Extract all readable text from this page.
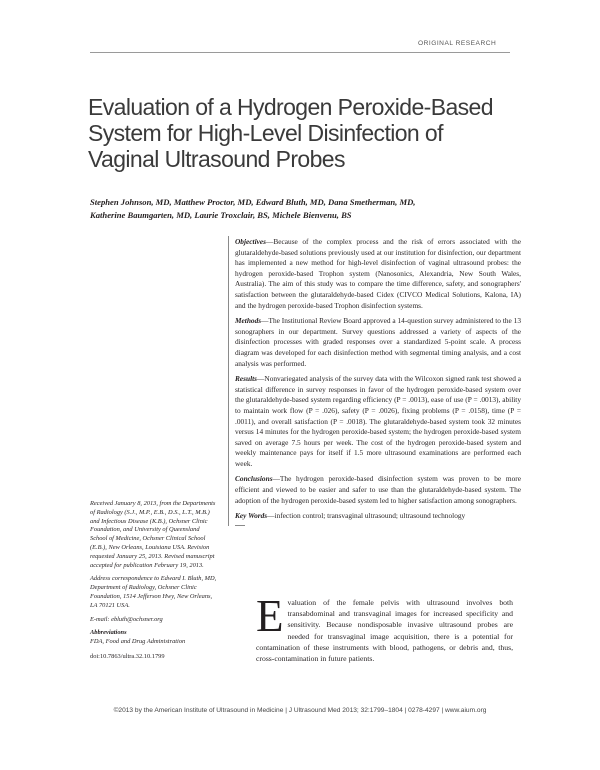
ORIGINAL RESEARCH
Evaluation of a Hydrogen Peroxide-Based
System for High-Level Disinfection of
Vaginal Ultrasound Probes
Stephen Johnson, MD, Matthew Proctor, MD, Edward Bluth, MD, Dana Smetherman, MD,
Katherine Baumgarten, MD, Laurie Troxclair, BS, Michele Bienvenu, BS

Objectives—Because of the complex process and the risk of errors associated with the glutaraldehyde-based solutions previously used at our institution for disinfection, our department has implemented a new method for high-level disinfection of vaginal ultrasound probes: the hydrogen peroxide-based Trophon system (Nanosonics, Alexandria, New South Wales, Australia). The aim of this study was to compare the time difference, safety, and sonographers' satisfaction between the glutaraldehyde-based Cidex (CIVCO Medical Solutions, Kalona, IA) and the hydrogen peroxide-based Trophon disinfection systems.

Methods—The Institutional Review Board approved a 14-question survey administered to the 13 sonographers in our department. Survey questions addressed a variety of aspects of the disinfection processes with graded responses over a standardized 5-point scale. A process diagram was developed for each disinfection method with segmental timing analysis, and a cost analysis was performed.

Results—Nonvariegated analysis of the survey data with the Wilcoxon signed rank test showed a statistical difference in survey responses in favor of the hydrogen peroxide-based system over the glutaraldehyde-based system regarding efficiency (P = .0013), ease of use (P = .0013), ability to maintain work flow (P = .026), safety (P = .0026), fixing problems (P = .0158), time (P = .0011), and overall satisfaction (P = .0018). The glutaraldehyde-based system took 32 minutes versus 14 minutes for the hydrogen peroxide-based system; the hydrogen peroxide-based system saved on average 7.5 hours per week. The cost of the hydrogen peroxide-based system and weekly maintenance pays for itself if 1.5 more ultrasound examinations are performed each week.

Conclusions—The hydrogen peroxide-based disinfection system was proven to be more efficient and viewed to be easier and safer to use than the glutaraldehyde-based system. The adoption of the hydrogen peroxide-based system led to higher satisfaction among sonographers.

Key Words—infection control; transvaginal ultrasound; ultrasound technology

Received January 8, 2013, from the Departments of Radiology (S.J., M.P., E.B., D.S., L.T., M.B.) and Infectious Disease (K.B.), Ochsner Clinic Foundation, and University of Queensland School of Medicine, Ochsner Clinical School (E.B.), New Orleans, Louisiana USA. Revision requested January 25, 2013. Revised manuscript accepted for publication February 19, 2013.

Address correspondence to Edward I. Bluth, MD, Department of Radiology, Ochsner Clinic Foundation, 1514 Jefferson Hwy, New Orleans, LA 70121 USA.

E-mail: ebluth@ochsner.org

Abbreviations

FDA, Food and Drug Administration

doi:10.7863/ultra.32.10.1799

Evaluation of the female pelvis with ultrasound involves both transabdominal and transvaginal images for increased specificity and sensitivity. Because nondisposable invasive ultrasound probes are needed for transvaginal image acquisition, there is a potential for contamination of these instruments with blood, pathogens, or debris and, thus, cross-contamination in future patients.

©2013 by the American Institute of Ultrasound in Medicine | J Ultrasound Med 2013; 32:1799–1804 | 0278-4297 | www.aium.org
